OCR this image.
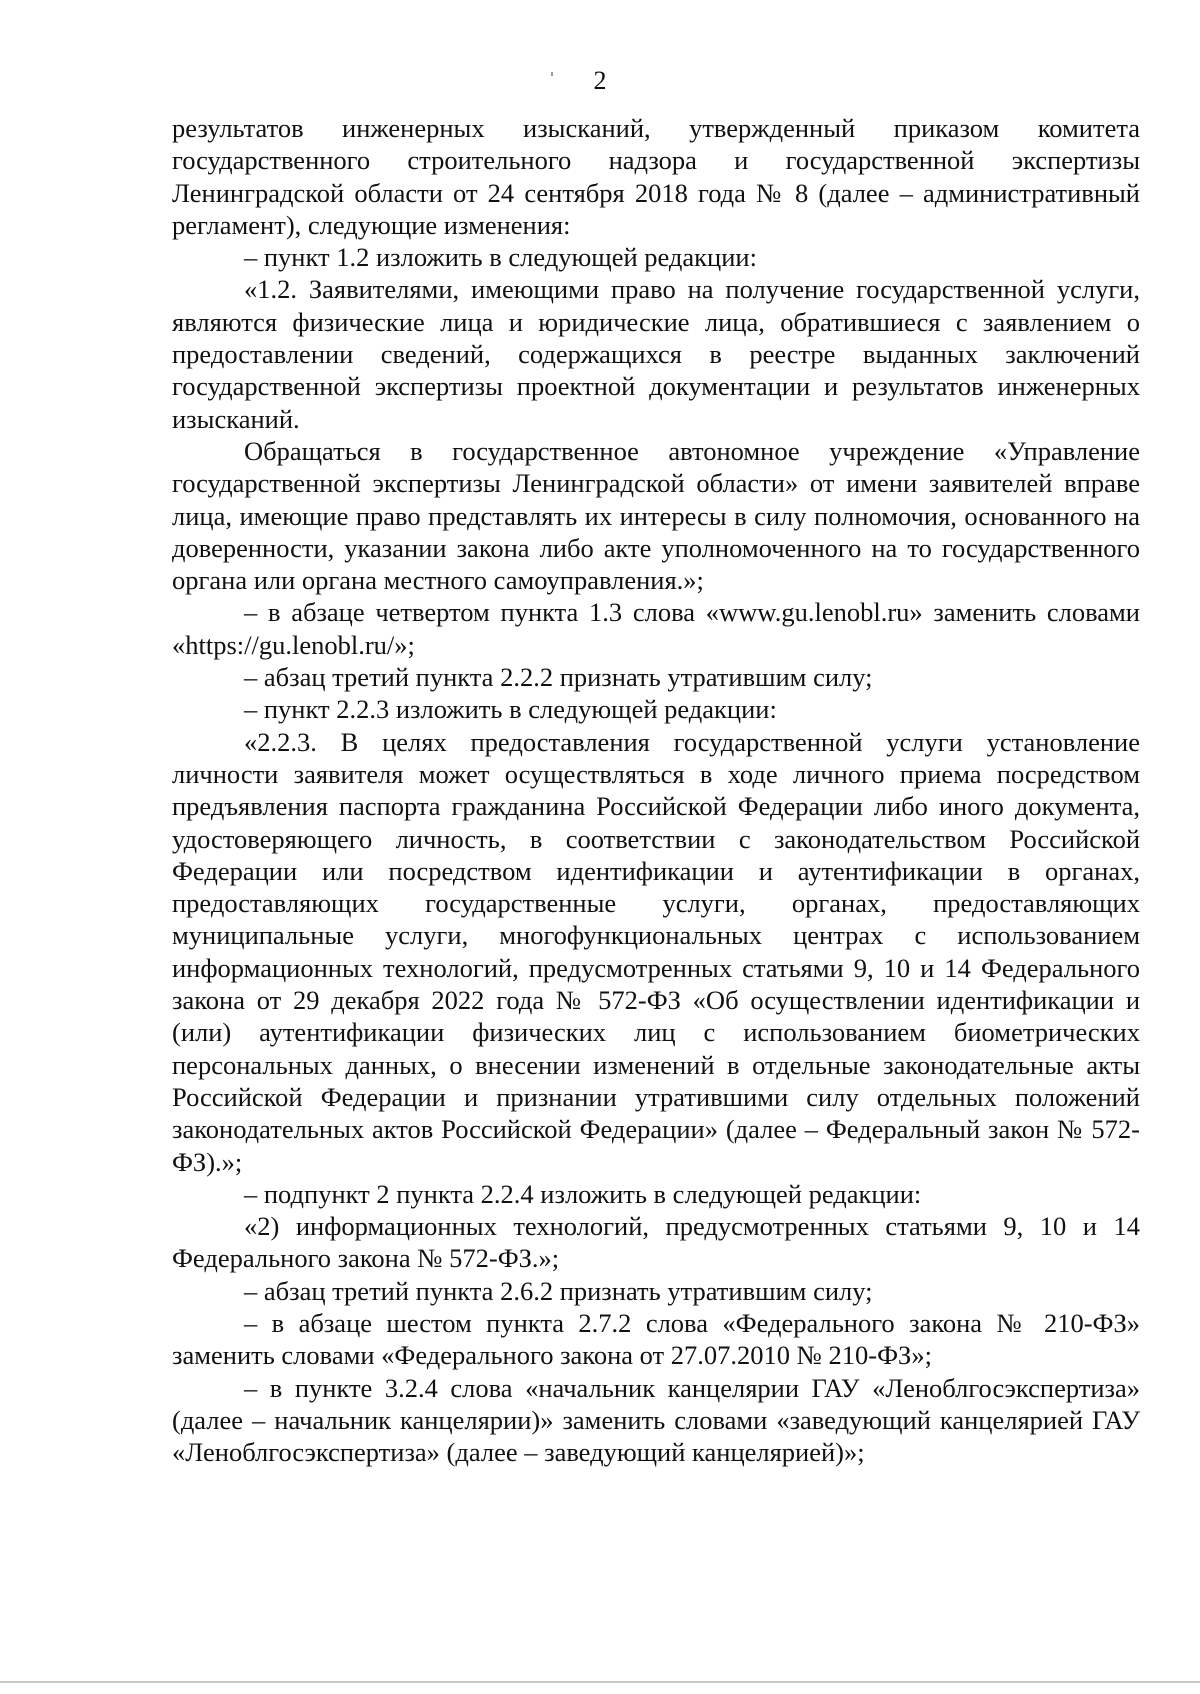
2

результатов инженерных изысканий, утвержденный приказом комитета государственного строительного надзора и государственной экспертизы Ленинградской области от 24 сентября 2018 года № 8 (далее – административный регламент), следующие изменения:

– пункт 1.2 изложить в следующей редакции:

«1.2. Заявителями, имеющими право на получение государственной услуги, являются физические лица и юридические лица, обратившиеся с заявлением о предоставлении сведений, содержащихся в реестре выданных заключений государственной экспертизы проектной документации и результатов инженерных изысканий.

Обращаться в государственное автономное учреждение «Управление государственной экспертизы Ленинградской области» от имени заявителей вправе лица, имеющие право представлять их интересы в силу полномочия, основанного на доверенности, указании закона либо акте уполномоченного на то государственного органа или органа местного самоуправления.»;

– в абзаце четвертом пункта 1.3 слова «www.gu.lenobl.ru» заменить словами «https://gu.lenobl.ru/»;

– абзац третий пункта 2.2.2 признать утратившим силу;

– пункт 2.2.3 изложить в следующей редакции:

«2.2.3. В целях предоставления государственной услуги установление личности заявителя может осуществляться в ходе личного приема посредством предъявления паспорта гражданина Российской Федерации либо иного документа, удостоверяющего личность, в соответствии с законодательством Российской Федерации или посредством идентификации и аутентификации в органах, предоставляющих государственные услуги, органах, предоставляющих муниципальные услуги, многофункциональных центрах с использованием информационных технологий, предусмотренных статьями 9, 10 и 14 Федерального закона от 29 декабря 2022 года № 572-ФЗ «Об осуществлении идентификации и (или) аутентификации физических лиц с использованием биометрических персональных данных, о внесении изменений в отдельные законодательные акты Российской Федерации и признании утратившими силу отдельных положений законодательных актов Российской Федерации» (далее – Федеральный закон № 572-ФЗ).»;

– подпункт 2 пункта 2.2.4 изложить в следующей редакции:

«2) информационных технологий, предусмотренных статьями 9, 10 и 14 Федерального закона № 572-ФЗ.»;

– абзац третий пункта 2.6.2 признать утратившим силу;

– в абзаце шестом пункта 2.7.2 слова «Федерального закона № 210-ФЗ» заменить словами «Федерального закона от 27.07.2010 № 210-ФЗ»;

– в пункте 3.2.4 слова «начальник канцелярии ГАУ «Леноблгосэкспертиза» (далее – начальник канцелярии)» заменить словами «заведующий канцелярией ГАУ «Леноблгосэкспертиза» (далее – заведующий канцелярией)»;
